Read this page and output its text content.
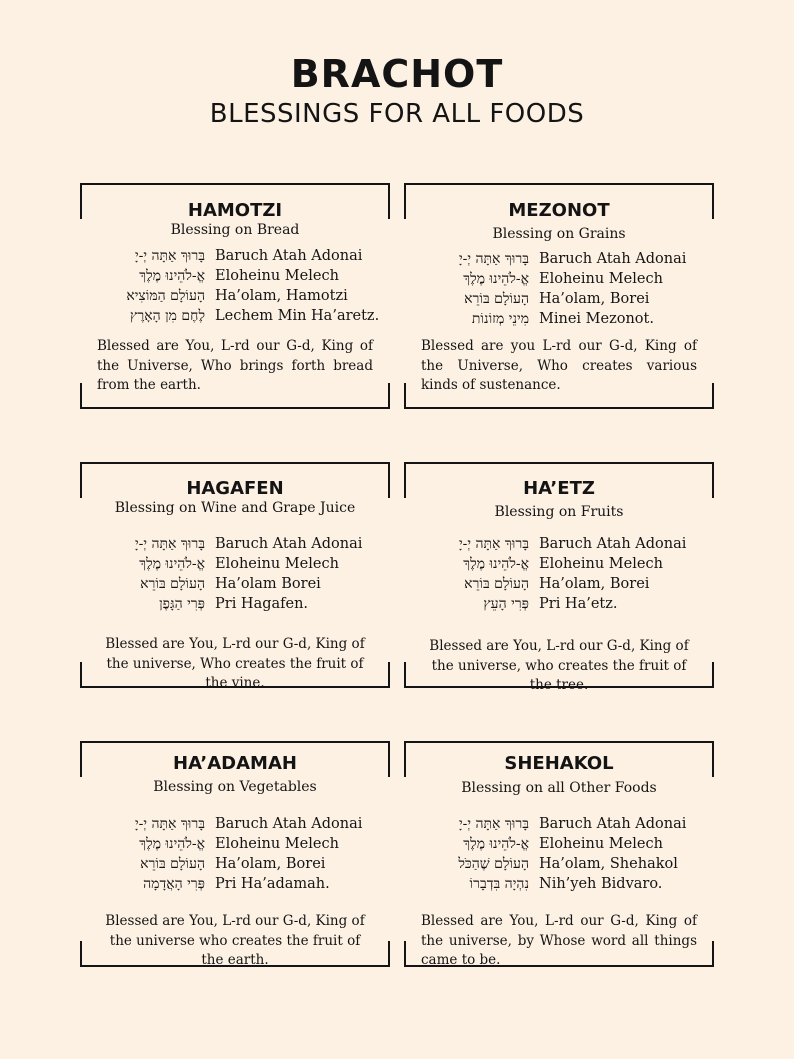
BRACHOT
BLESSINGS FOR ALL FOODS
HAMOTZI
Blessing on Bread
בָּרוּךְ אַתָּה יְ-יָ Baruch Atah Adonai
אֱ-לֹהֵינוּ מֶלֶךְ Eloheinu Melech
הָעוֹלָם הַמּוֹצִיא Ha’olam, Hamotzi
לֶחֶם מִן הָאָרֶץ Lechem Min Ha’aretz.
Blessed are You, L-rd our G-d, King of the Universe, Who brings forth bread from the earth.
MEZONOT
Blessing on Grains
בָּרוּךְ אַתָּה יְ-יָ Baruch Atah Adonai
אֱ-לֹהֵינוּ מֶלֶךְ Eloheinu Melech
הָעוֹלָם בּוֹרֵא Ha’olam, Borei
מִינֵי מְזוֹנוֹת Minei Mezonot.
Blessed are you L-rd our G-d, King of the Universe, Who creates various kinds of sustenance.
HAGAFEN
Blessing on Wine and Grape Juice
בָּרוּךְ אַתָּה יְ-יָ Baruch Atah Adonai
אֱ-לֹהֵינוּ מֶלֶךְ Eloheinu Melech
הָעוֹלָם בּוֹרֵא Ha’olam Borei
פְּרִי הַגָּפֶן Pri Hagafen.
Blessed are You, L-rd our G-d, King of the universe, Who creates the fruit of the vine.
HA’ETZ
Blessing on Fruits
בָּרוּךְ אַתָּה יְ-יָ Baruch Atah Adonai
אֱ-לֹהֵינוּ מֶלֶךְ Eloheinu Melech
הָעוֹלָם בּוֹרֵא Ha’olam, Borei
פְּרִי הָעֵץ Pri Ha’etz.
Blessed are You, L-rd our G-d, King of the universe, who creates the fruit of the tree.
HA’ADAMAH
Blessing on Vegetables
בָּרוּךְ אַתָּה יְ-יָ Baruch Atah Adonai
אֱ-לֹהֵינוּ מֶלֶךְ Eloheinu Melech
הָעוֹלָם בּוֹרֵא Ha’olam, Borei
פְּרִי הָאֲדָמָה Pri Ha’adamah.
Blessed are You, L-rd our G-d, King of the universe who creates the fruit of the earth.
SHEHAKOL
Blessing on all Other Foods
בָּרוּךְ אַתָּה יְ-יָ Baruch Atah Adonai
אֱ-לֹהֵינוּ מֶלֶךְ Eloheinu Melech
הָעוֹלָם שֶׁהַכֹּל Ha’olam, Shehakol
נִהְיָה בִּדְבָרוֹ Nih’yeh Bidvaro.
Blessed are You, L-rd our G-d, King of the universe, by Whose word all things came to be.
